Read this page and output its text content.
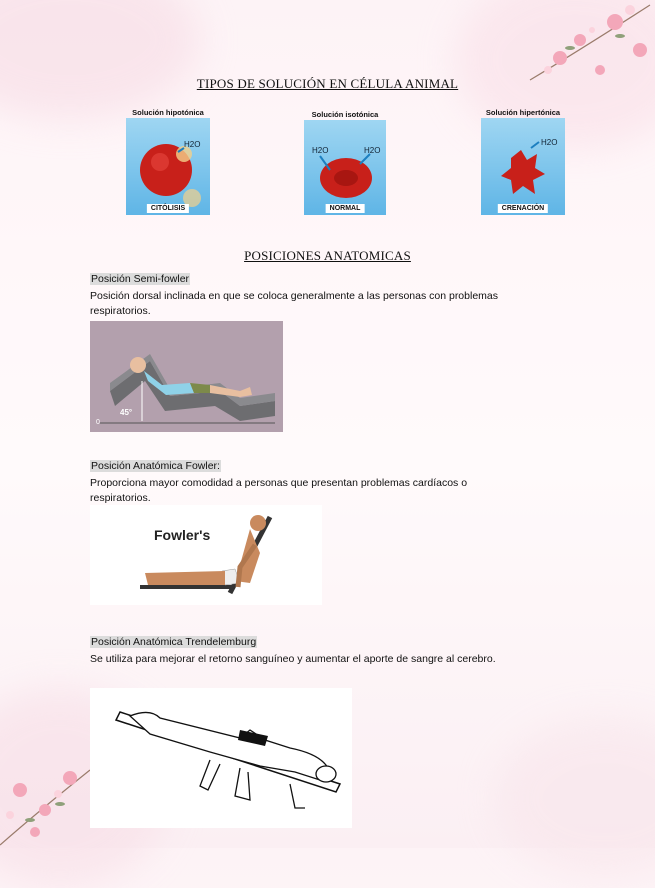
TIPOS DE SOLUCIÓN EN CÉLULA ANIMAL
Solución hipotónica
H2O
CITÓLISIS
Solución isotónica
H2O	H2O
NORMAL
Solución hipertónica
H2O
CRENACIÓN
POSICIONES ANATOMICAS
Posición Semi-fowler
Posición dorsal inclinada en que se coloca generalmente a las personas con problemas respiratorios.
45°
0
Posición Anatómica Fowler:
Proporciona mayor comodidad a personas que presentan problemas cardíacos o respiratorios.
Fowler's
Posición Anatómica Trendelemburg
Se utiliza para mejorar el retorno sanguíneo y aumentar el aporte de sangre al cerebro.
